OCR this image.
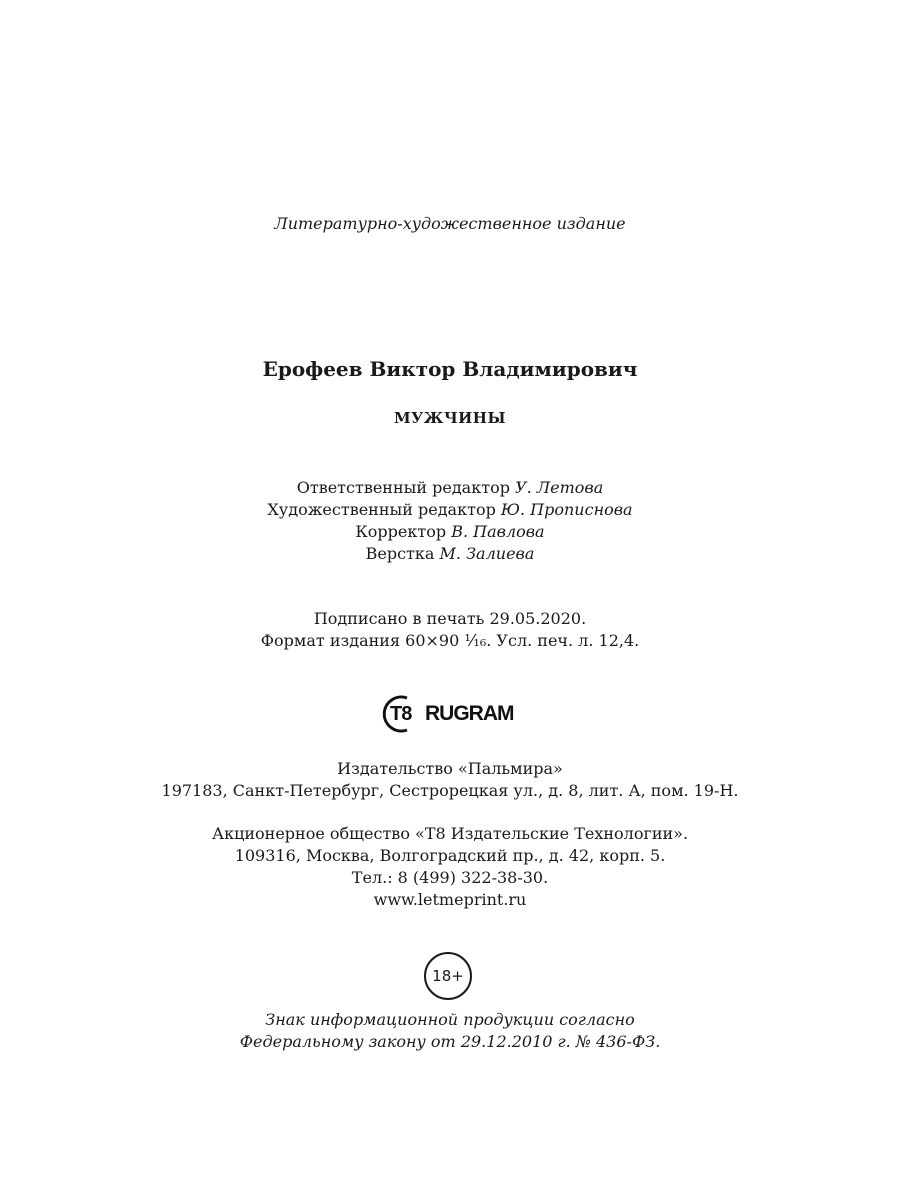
Литературно-художественное издание
Ерофеев Виктор Владимирович
МУЖЧИНЫ
Ответственный редактор У. Летова
Художественный редактор Ю. Прописнова
Корректор В. Павлова
Верстка М. Залиева
Подписано в печать 29.05.2020.
Формат издания 60×90 ¹⁄₁₆. Усл. печ. л. 12,4.
T8 RUGRAM
Издательство «Пальмира»
197183, Санкт-Петербург, Сестрорецкая ул., д. 8, лит. А, пом. 19-Н.
Акционерное общество «Т8 Издательские Технологии».
109316, Москва, Волгоградский пр., д. 42, корп. 5.
Тел.: 8 (499) 322-38-30.
www.letmeprint.ru
18+
Знак информационной продукции согласно
Федеральному закону от 29.12.2010 г. № 436-ФЗ.
